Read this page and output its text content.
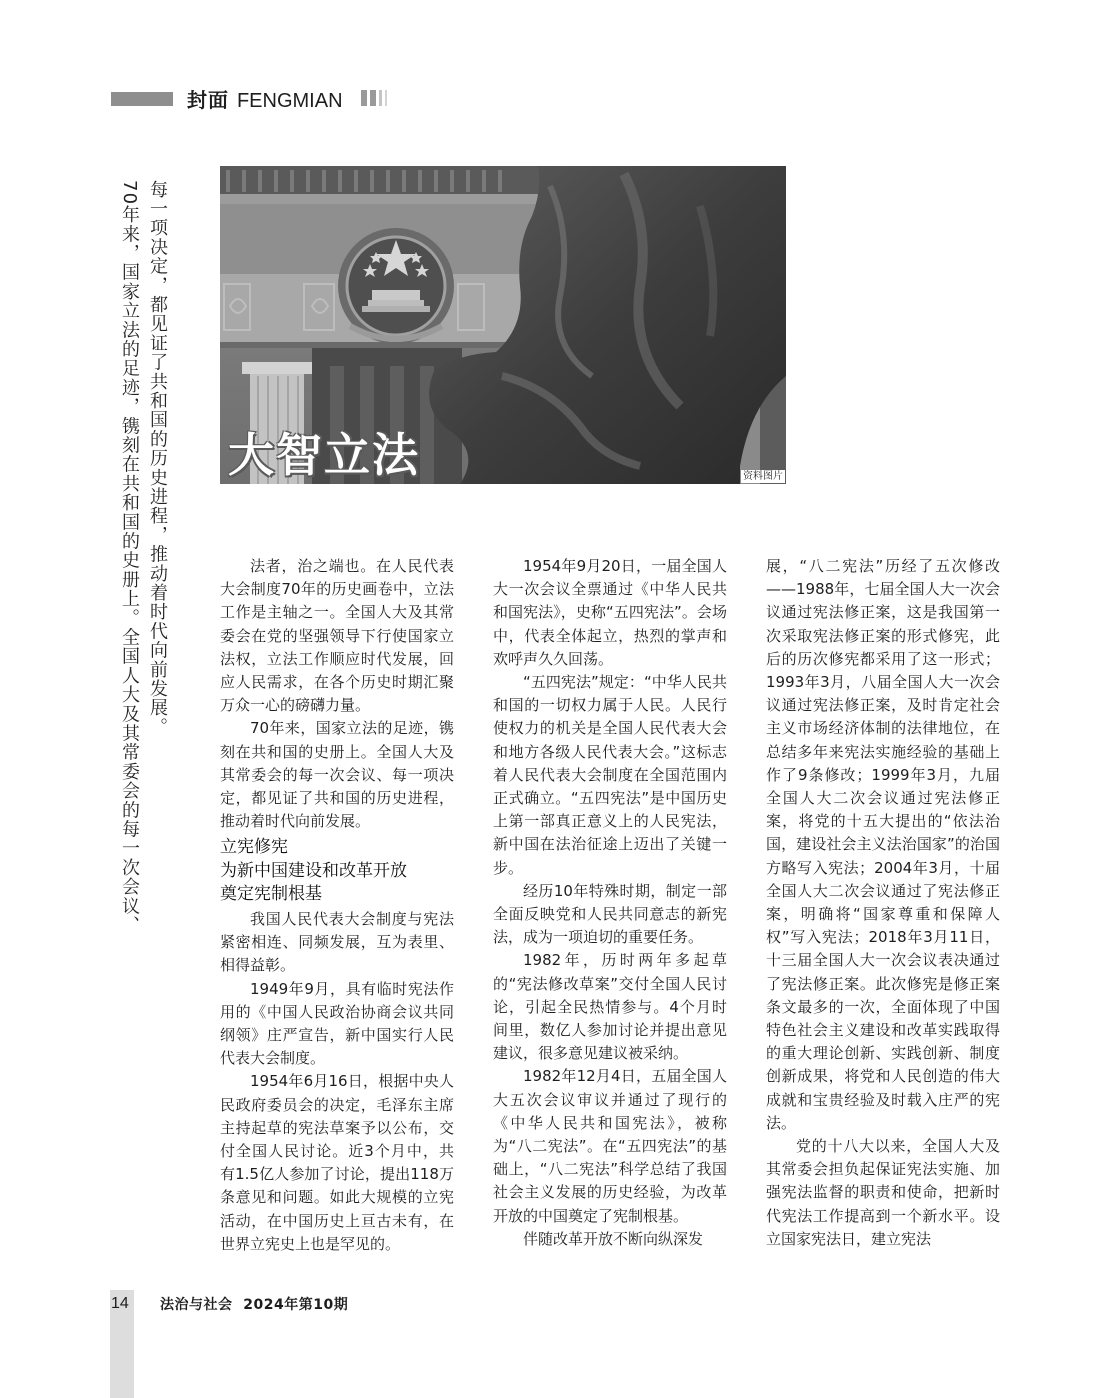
封面 FENGMIAN
每一项决定，都见证了共和国的历史进程，推动着时代向前发展。
70年来，国家立法的足迹，镌刻在共和国的史册上。全国人大及其常委会的每一次会议、 大智立法	资料图片

法者，治之端也。在人民代表大会制度70年的历史画卷中，立法工作是主轴之一。全国人大及其常委会在党的坚强领导下行使国家立法权，立法工作顺应时代发展，回应人民需求，在各个历史时期汇聚万众一心的磅礴力量。

70年来，国家立法的足迹，镌刻在共和国的史册上。全国人大及其常委会的每一次会议、每一项决定，都见证了共和国的历史进程，推动着时代向前发展。

立宪修宪
为新中国建设和改革开放
奠定宪制根基

我国人民代表大会制度与宪法紧密相连、同频发展，互为表里、相得益彰。

1949年9月，具有临时宪法作用的《中国人民政治协商会议共同纲领》庄严宣告，新中国实行人民代表大会制度。

1954年6月16日，根据中央人民政府委员会的决定，毛泽东主席主持起草的宪法草案予以公布，交付全国人民讨论。近3个月中，共有1.5亿人参加了讨论，提出118万条意见和问题。如此大规模的立宪活动，在中国历史上亘古未有，在世界立宪史上也是罕见的。

1954年9月20日，一届全国人大一次会议全票通过《中华人民共和国宪法》，史称“五四宪法”。会场中，代表全体起立，热烈的掌声和欢呼声久久回荡。

“五四宪法”规定：“中华人民共和国的一切权力属于人民。人民行使权力的机关是全国人民代表大会和地方各级人民代表大会。”这标志着人民代表大会制度在全国范围内正式确立。“五四宪法”是中国历史上第一部真正意义上的人民宪法，新中国在法治征途上迈出了关键一步。

经历10年特殊时期，制定一部全面反映党和人民共同意志的新宪法，成为一项迫切的重要任务。

1982年，历时两年多起草的“宪法修改草案”交付全国人民讨论，引起全民热情参与。4个月时间里，数亿人参加讨论并提出意见建议，很多意见建议被采纳。

1982年12月4日，五届全国人大五次会议审议并通过了现行的《中华人民共和国宪法》，被称为“八二宪法”。在“五四宪法”的基础上，“八二宪法”科学总结了我国社会主义发展的历史经验，为改革开放的中国奠定了宪制根基。

伴随改革开放不断向纵深发

展，“八二宪法”历经了五次修改——1988年，七届全国人大一次会议通过宪法修正案，这是我国第一次采取宪法修正案的形式修宪，此后的历次修宪都采用了这一形式；1993年3月，八届全国人大一次会议通过宪法修正案，及时肯定社会主义市场经济体制的法律地位，在总结多年来宪法实施经验的基础上作了9条修改；1999年3月，九届全国人大二次会议通过宪法修正案，将党的十五大提出的“依法治国，建设社会主义法治国家”的治国方略写入宪法；2004年3月，十届全国人大二次会议通过了宪法修正案，明确将“国家尊重和保障人权”写入宪法；2018年3月11日，十三届全国人大一次会议表决通过了宪法修正案。此次修宪是修正案条文最多的一次，全面体现了中国特色社会主义建设和改革实践取得的重大理论创新、实践创新、制度创新成果，将党和人民创造的伟大成就和宝贵经验及时载入庄严的宪法。

党的十八大以来，全国人大及其常委会担负起保证宪法实施、加强宪法监督的职责和使命，把新时代宪法工作提高到一个新水平。设立国家宪法日，建立宪法

14 法治与社会  2024年第10期
